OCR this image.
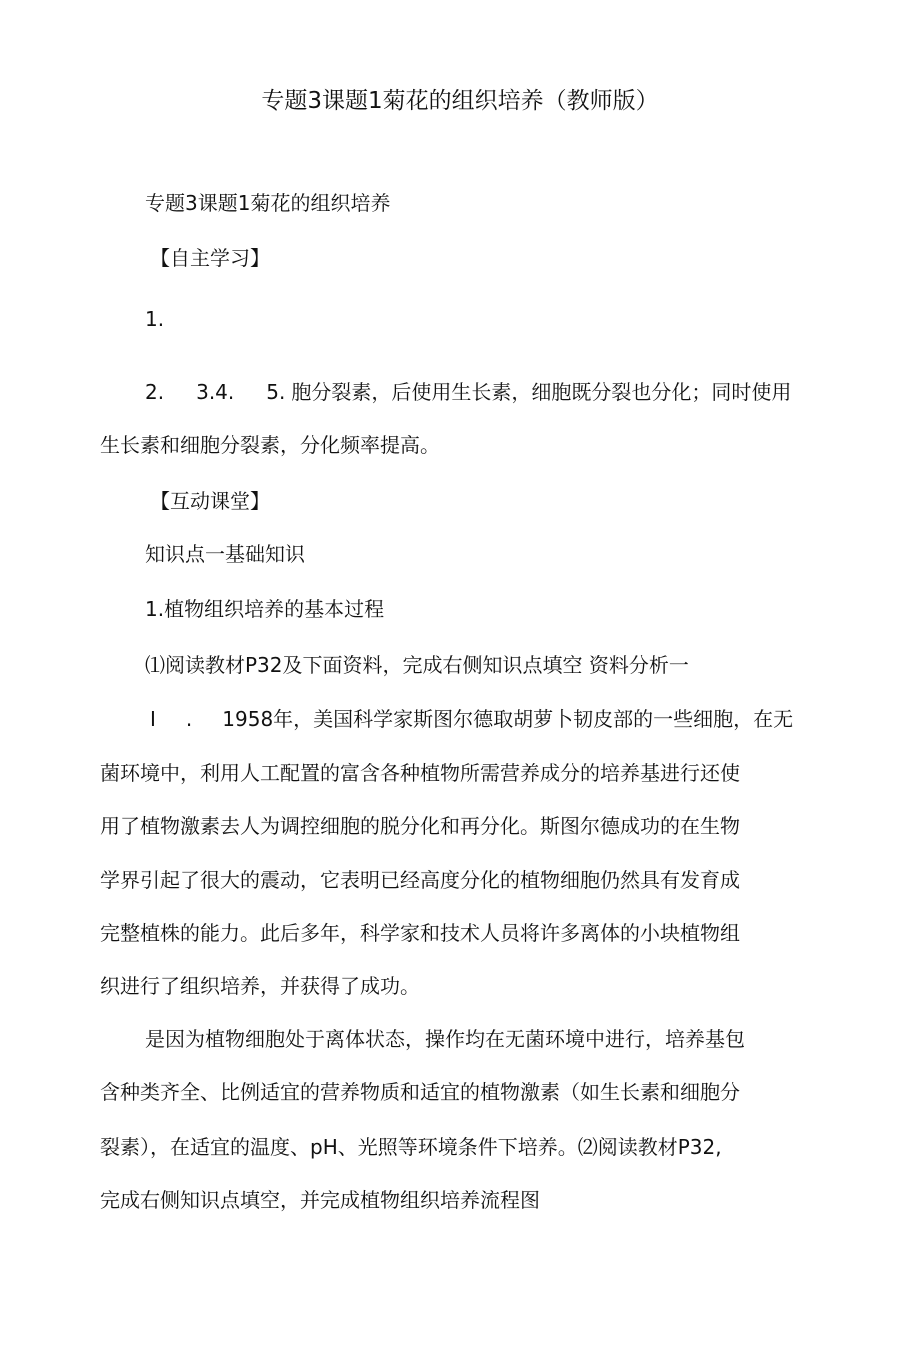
专题3课题1菊花的组织培养（教师版）
专题3课题1菊花的组织培养
【自主学习】
1.
2. 3.4. 5. 胞分裂素，后使用生长素，细胞既分裂也分化；同时使用
生长素和细胞分裂素，分化频率提高。
【互动课堂】
知识点一基础知识
1.植物组织培养的基本过程
⑴阅读教材P32及下面资料，完成右侧知识点填空 资料分析一
I . 1958年，美国科学家斯图尔德取胡萝卜韧皮部的一些细胞，在无
菌环境中，利用人工配置的富含各种植物所需营养成分的培养基进行还使
用了植物激素去人为调控细胞的脱分化和再分化。斯图尔德成功的在生物
学界引起了很大的震动，它表明已经高度分化的植物细胞仍然具有发育成
完整植株的能力。此后多年，科学家和技术人员将许多离体的小块植物组
织进行了组织培养，并获得了成功。
是因为植物细胞处于离体状态，操作均在无菌环境中进行，培养基包
含种类齐全、比例适宜的营养物质和适宜的植物激素（如生长素和细胞分
裂素），在适宜的温度、pH、光照等环境条件下培养。⑵阅读教材P32,
完成右侧知识点填空，并完成植物组织培养流程图
